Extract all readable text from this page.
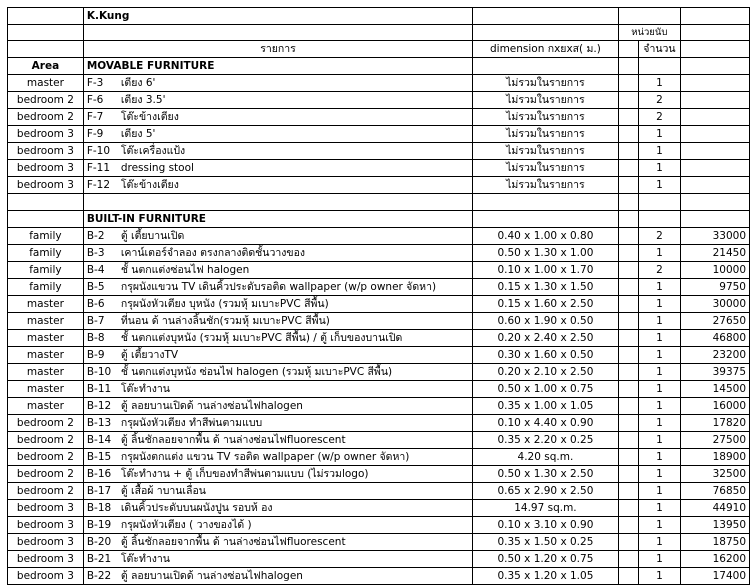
	K.Kung				
			หน่วยนับ		
	รายการ	dimension กxยxส( ม.)		จำนวน	
Area	MOVABLE FURNITURE				
master	F-3 เตียง 6'	ไม่รวมในรายการ		1	
bedroom 2	F-6 เตียง 3.5'	ไม่รวมในรายการ		2	
bedroom 2	F-7 โต๊ะข้างเตียง	ไม่รวมในรายการ		2	
bedroom 3	F-9 เตียง 5'	ไม่รวมในรายการ		1	
bedroom 3	F-10 โต๊ะเครื่องแป้ง	ไม่รวมในรายการ		1	
bedroom 3	F-11 dressing stool	ไม่รวมในรายการ		1	
bedroom 3	F-12 โต๊ะข้างเตียง	ไม่รวมในรายการ		1	

	BUILT-IN FURNITURE				
family	B-2 ตู้ เตี้ยบานเปิด	0.40 x 1.00 x 0.80		2	33000
family	B-3 เคาน์เตอร์จำลอง ตรงกลางติดชั้นวางของ	0.50 x 1.30 x 1.00		1	21450
family	B-4 ชั้ นตกแต่งซ่อนไฟ halogen	0.10 x 1.00 x 1.70		2	10000
family	B-5 กรุผนังแขวน TV เดินคิ้วประดับรอติด wallpaper (w/p owner จัดหา)	0.15 x 1.30 x 1.50		1	9750
master	B-6 กรุผนังหัวเตียง บุหนัง (รวมหุ้ มเบาะPVC สีพื้น)	0.15 x 1.60 x 2.50		1	30000
master	B-7 ที่นอน ด้ านล่างลิ้นชัก(รวมหุ้ มเบาะPVC สีพื้น)	0.60 x 1.90 x 0.50		1	27650
master	B-8 ชั้ นตกแต่งบุหนัง (รวมหุ้ มเบาะPVC สีพื้น) / ตู้ เก็บของบานเปิด	0.20 x 2.40 x 2.50		1	46800
master	B-9 ตู้ เตี้ยวางTV	0.30 x 1.60 x 0.50		1	23200
master	B-10 ชั้ นตกแต่งบุหนัง ซ่อนไฟ halogen (รวมหุ้ มเบาะPVC สีพื้น)	0.20 x 2.10 x 2.50		1	39375
master	B-11 โต๊ะทำงาน	0.50 x 1.00 x 0.75		1	14500
master	B-12 ตู้ ลอยบานเปิดด้ านล่างซ่อนไฟhalogen	0.35 x 1.00 x 1.05		1	16000
bedroom 2	B-13 กรุผนังหัวเตียง ทำสีพ่นตามแบบ	0.10 x 4.40 x 0.90		1	17820
bedroom 2	B-14 ตู้ ลิ้นชักลอยจากพื้น ด้ านล่างซ่อนไฟfluorescent	0.35 x 2.20 x 0.25		1	27500
bedroom 2	B-15 กรุผนังตกแต่ง แขวน TV รอติด wallpaper (w/p owner จัดหา)	4.20 sq.m.		1	18900
bedroom 2	B-16 โต๊ะทำงาน + ตู้ เก็บของทำสีพ่นตามแบบ (ไม่รวมlogo)	0.50 x 1.30 x 2.50		1	32500
bedroom 2	B-17 ตู้ เสื้อผ้ าบานเลื่อน	0.65 x 2.90 x 2.50		1	76850
bedroom 3	B-18 เดินคิ้วประดับบนผนังปูน รอบห้ อง	14.97 sq.m.		1	44910
bedroom 3	B-19 กรุผนังหัวเตียง ( วางของได้ )	0.10 x 3.10 x 0.90		1	13950
bedroom 3	B-20 ตู้ ลิ้นชักลอยจากพื้น ด้ านล่างซ่อนไฟfluorescent	0.35 x 1.50 x 0.25		1	18750
bedroom 3	B-21 โต๊ะทำงาน	0.50 x 1.20 x 0.75		1	16200
bedroom 3	B-22 ตู้ ลอยบานเปิดด้ านล่างซ่อนไฟhalogen	0.35 x 1.20 x 1.05		1	17400
